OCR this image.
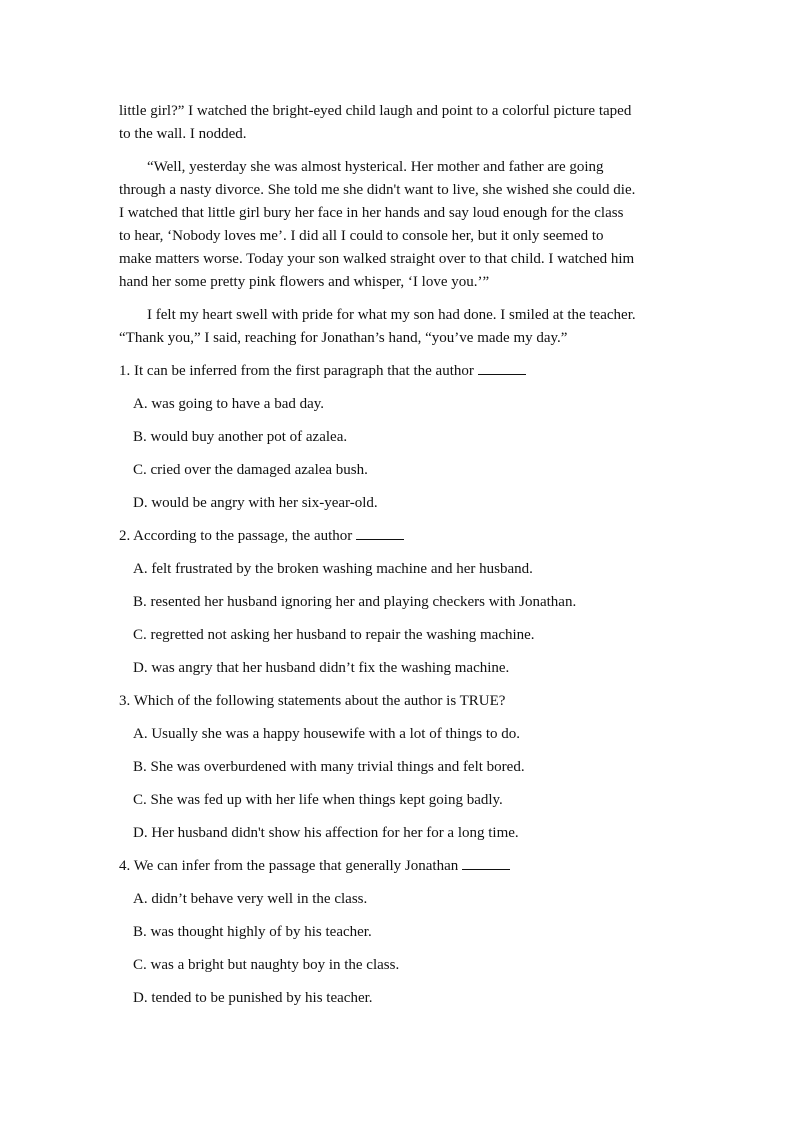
little girl?” I watched the bright-eyed child laugh and point to a colorful picture taped
to the wall. I nodded.
“Well, yesterday she was almost hysterical. Her mother and father are going
through a nasty divorce. She told me she didn't want to live, she wished she could die.
I watched that little girl bury her face in her hands and say loud enough for the class
to hear, ‘Nobody loves me’. I did all I could to console her, but it only seemed to
make matters worse. Today your son walked straight over to that child. I watched him
hand her some pretty pink flowers and whisper, ‘I love you.’”
I felt my heart swell with pride for what my son had done. I smiled at the teacher.
“Thank you,” I said, reaching for Jonathan’s hand, “you’ve made my day.”
1. It can be inferred from the first paragraph that the author
A. was going to have a bad day.
B. would buy another pot of azalea.
C. cried over the damaged azalea bush.
D. would be angry with her six-year-old.
2. According to the passage, the author
A. felt frustrated by the broken washing machine and her husband.
B. resented her husband ignoring her and playing checkers with Jonathan.
C. regretted not asking her husband to repair the washing machine.
D. was angry that her husband didn’t fix the washing machine.
3. Which of the following statements about the author is TRUE?
A. Usually she was a happy housewife with a lot of things to do.
B. She was overburdened with many trivial things and felt bored.
C. She was fed up with her life when things kept going badly.
D. Her husband didn't show his affection for her for a long time.
4. We can infer from the passage that generally Jonathan
A. didn’t behave very well in the class.
B. was thought highly of by his teacher.
C. was a bright but naughty boy in the class.
D. tended to be punished by his teacher.
